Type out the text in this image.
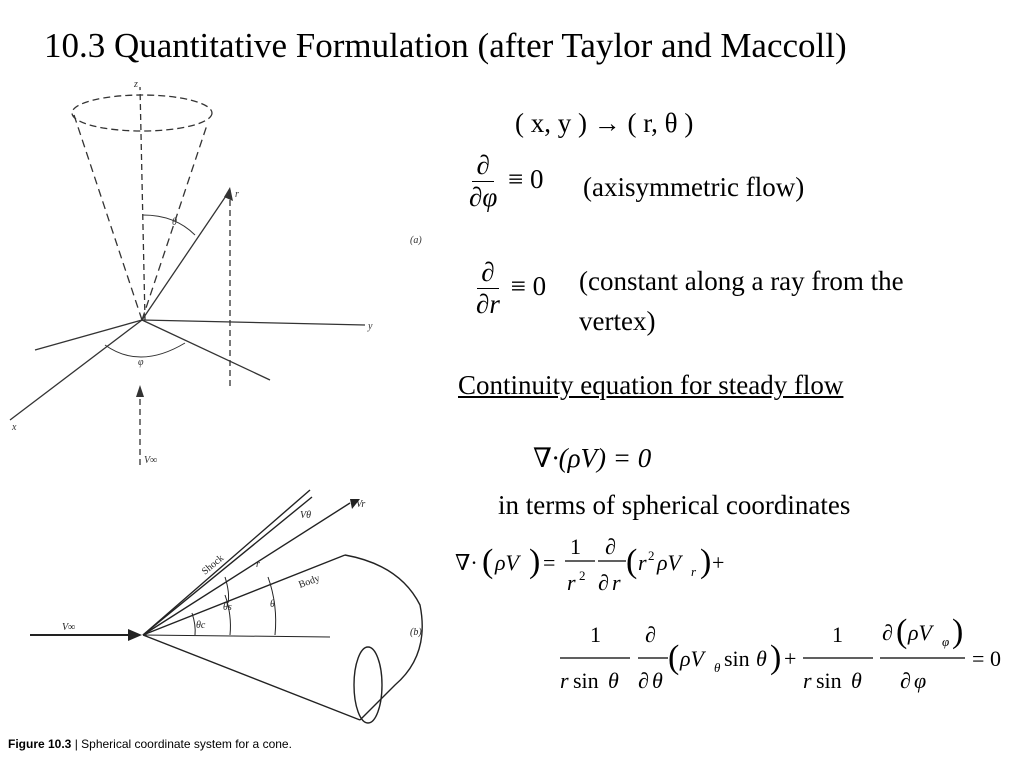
10.3 Quantitative Formulation (after Taylor and Maccoll)
z
r
θ
y
x
φ
V∞
(a)
Shock
Body
r
Vθ
Vr
θs	θ
θc
V∞	(b)
Figure 10.3 | Spherical coordinate system for a cone.
( x, y ) → ( r, θ )
$\frac{\partial}{\partial\varphi} \equiv 0$ (axisymmetric flow)
$\frac{\partial}{\partial r} \equiv 0$ (constant along a ray from the
vertex)
Continuity equation for steady flow
∇·(ρV) = 0
in terms of spherical coordinates
∇· ( ρV ) =
1
r 2
∂
∂ r
( r 2 ρV r ) +
1
r sin θ
∂
∂ θ
( ρV θ sin θ ) +
1
r sin θ
∂ ( ρV φ )
∂ φ
= 0
